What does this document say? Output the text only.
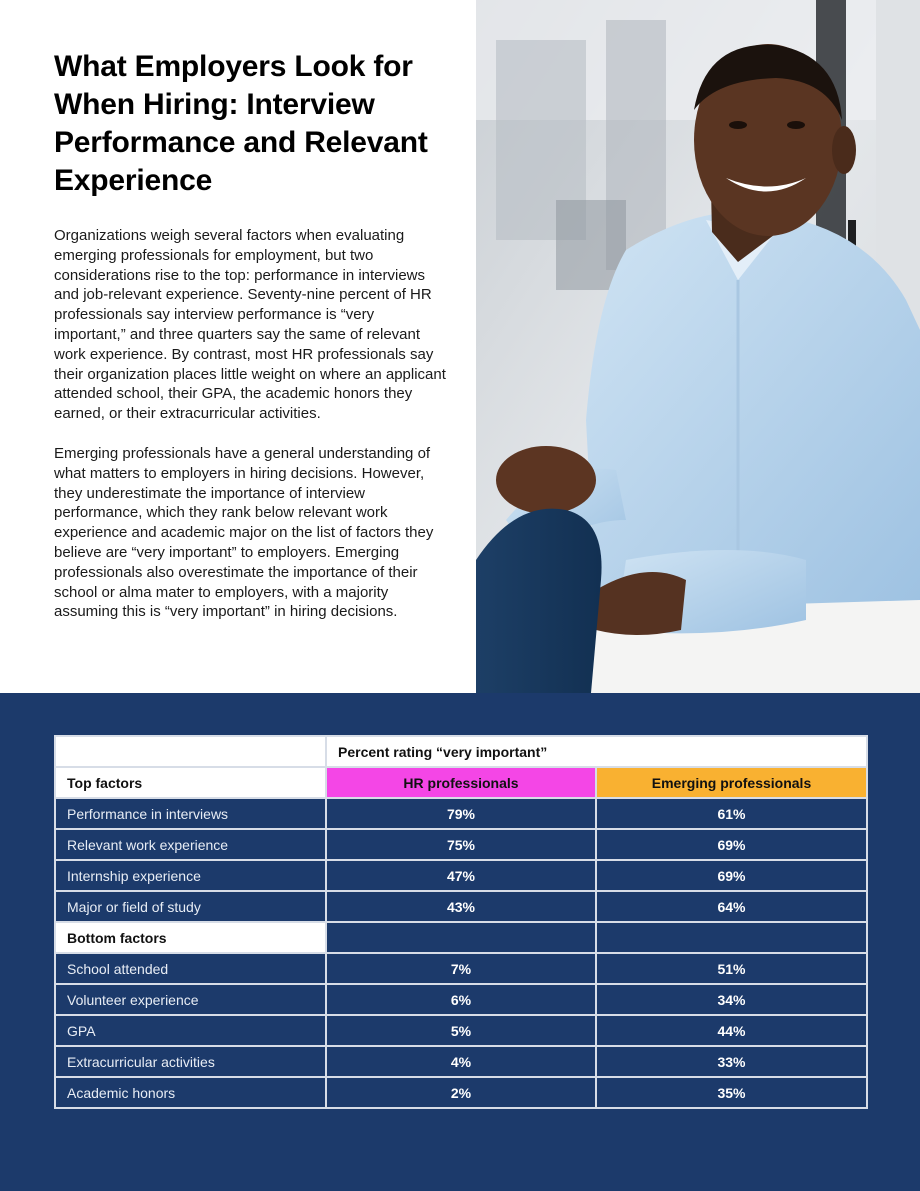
What Employers Look for When Hiring: Interview Performance and Relevant Experience

Organizations weigh several factors when evaluating emerging professionals for employment, but two considerations rise to the top: performance in interviews and job-relevant experience. Seventy-nine percent of HR professionals say interview performance is “very important,” and three quarters say the same of relevant work experience. By contrast, most HR professionals say their organization places little weight on where an applicant attended school, their GPA, the academic honors they earned, or their extracurricular activities.

Emerging professionals have a general understanding of what matters to employers in hiring decisions. However, they underestimate the importance of interview performance, which they rank below relevant work experience and academic major on the list of factors they believe are “very important” to employers. Emerging professionals also overestimate the importance of their school or alma mater to employers, with a majority assuming this is “very important” in hiring decisions.

	Percent rating “very important”	
Top factors	HR professionals	Emerging professionals
Performance in interviews	79%	61%
Relevant work experience	75%	69%
Internship experience	47%	69%
Major or field of study	43%	64%
Bottom factors		
School attended	7%	51%
Volunteer experience	6%	34%
GPA	5%	44%
Extracurricular activities	4%	33%
Academic honors	2%	35%
